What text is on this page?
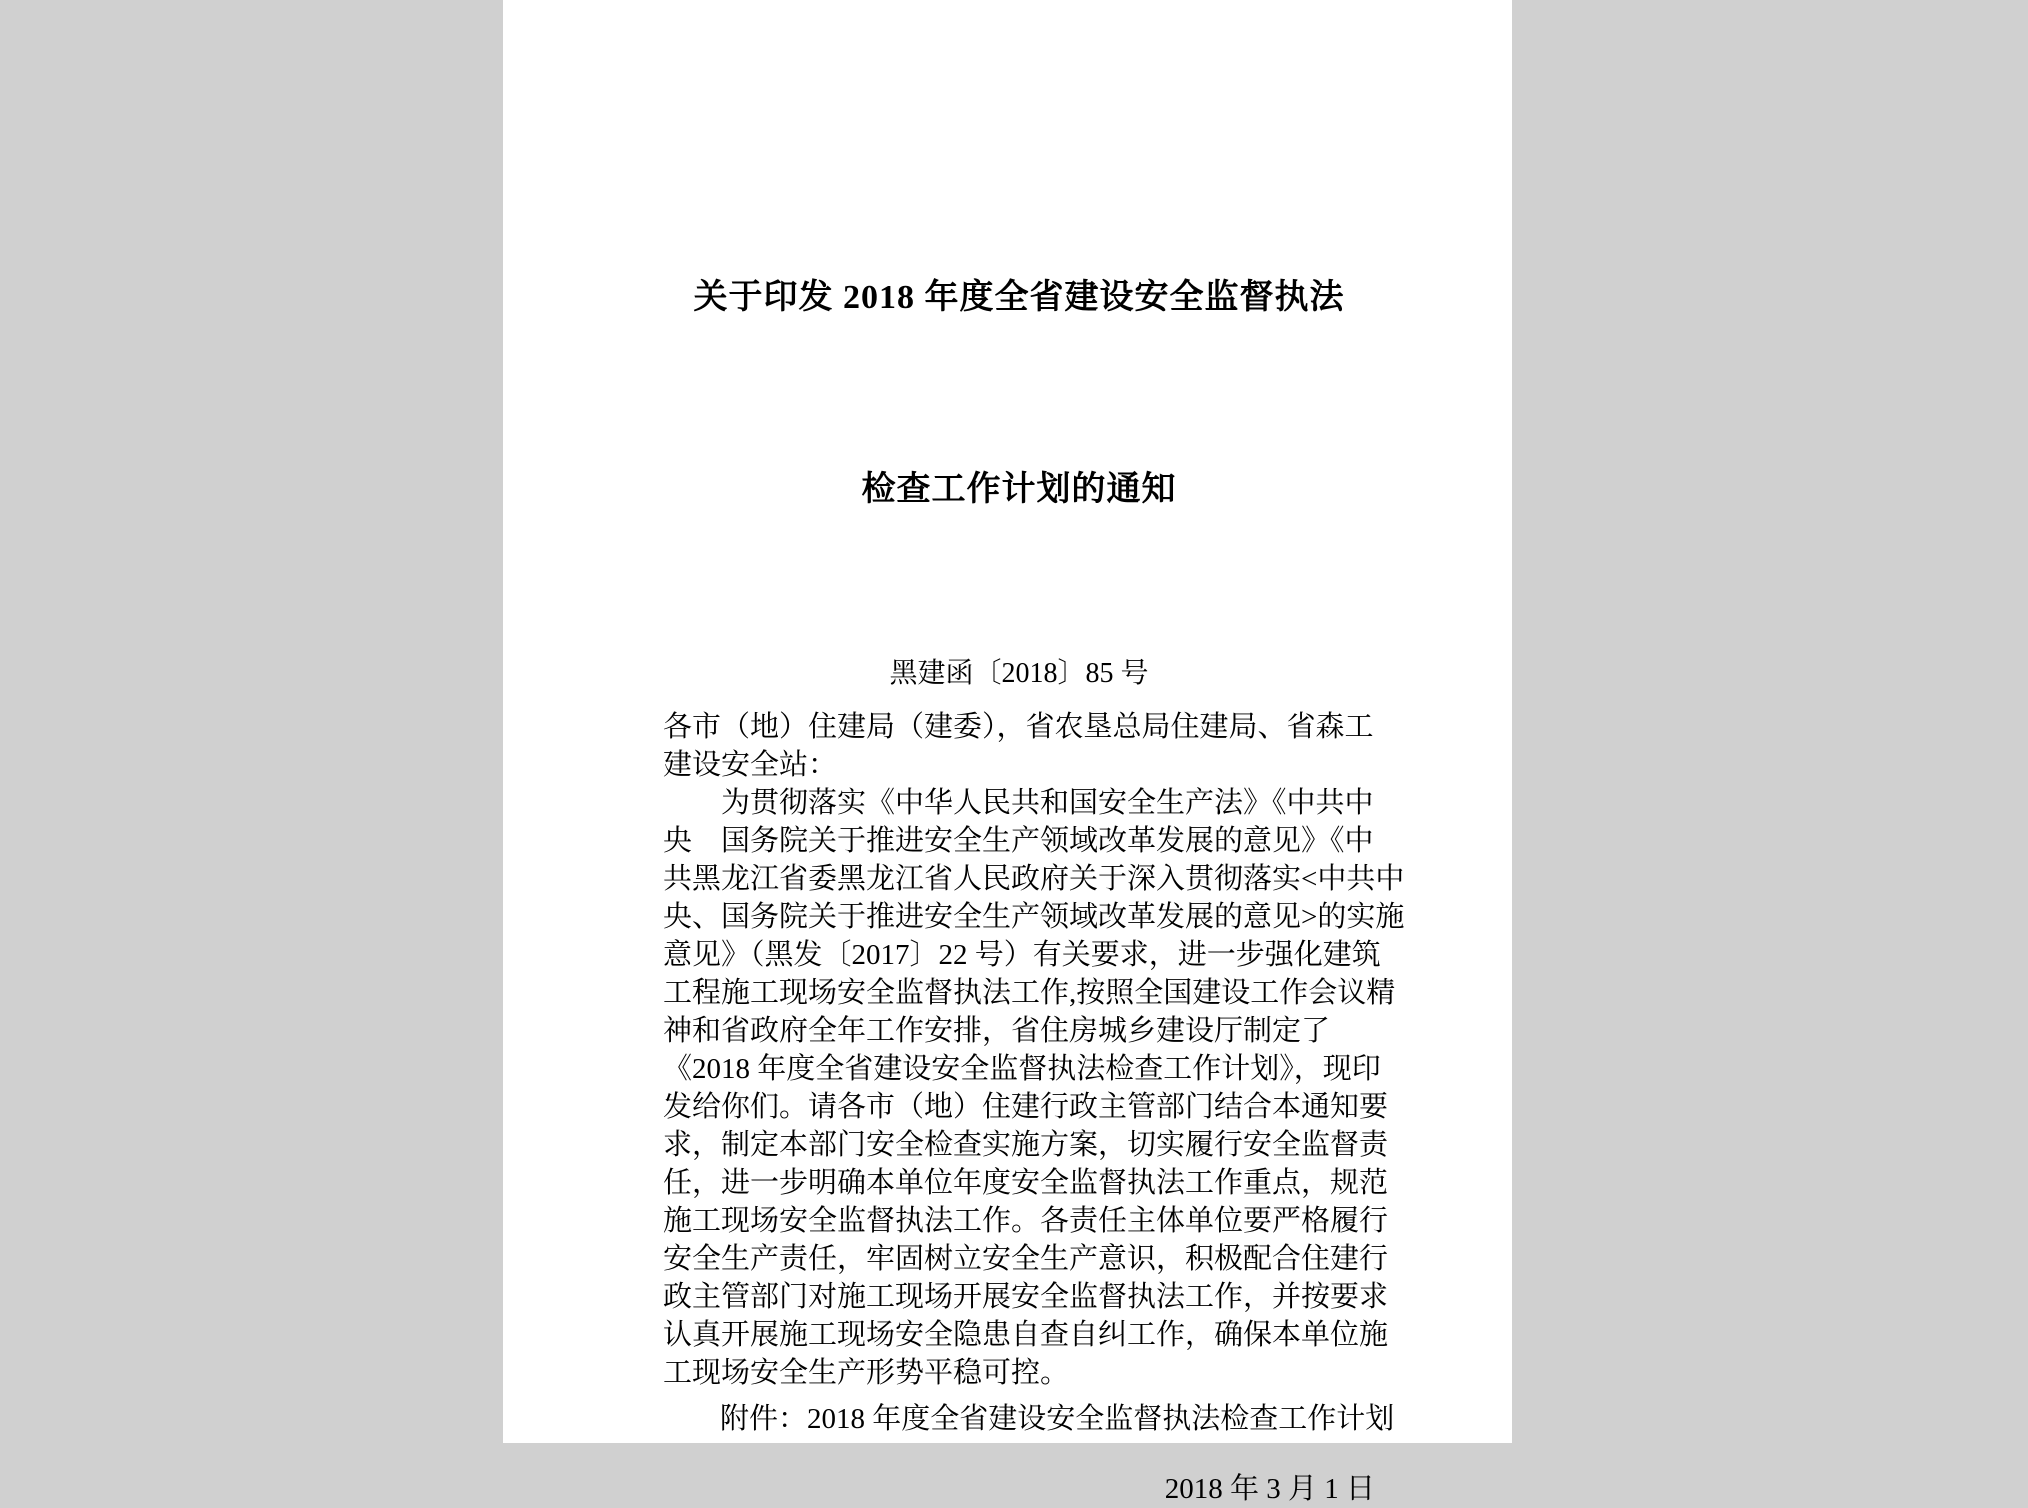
关于印发 2018 年度全省建设安全监督执法

检查工作计划的通知

黑建函〔2018〕85 号
各市（地）住建局（建委），省农垦总局住建局、省森工
建设安全站：
　　为贯彻落实《中华人民共和国安全生产法》《中共中
央　国务院关于推进安全生产领域改革发展的意见》《中
共黑龙江省委黑龙江省人民政府关于深入贯彻落实<中共中
央、国务院关于推进安全生产领域改革发展的意见>的实施
意见》（黑发〔2017〕22 号）有关要求，进一步强化建筑
工程施工现场安全监督执法工作,按照全国建设工作会议精
神和省政府全年工作安排，省住房城乡建设厅制定了
《2018 年度全省建设安全监督执法检查工作计划》，现印
发给你们。请各市（地）住建行政主管部门结合本通知要
求，制定本部门安全检查实施方案，切实履行安全监督责
任，进一步明确本单位年度安全监督执法工作重点，规范
施工现场安全监督执法工作。各责任主体单位要严格履行
安全生产责任，牢固树立安全生产意识，积极配合住建行
政主管部门对施工现场开展安全监督执法工作，并按要求
认真开展施工现场安全隐患自查自纠工作，确保本单位施
工现场安全生产形势平稳可控。
附件：2018 年度全省建设安全监督执法检查工作计划
2018 年 3 月 1 日
